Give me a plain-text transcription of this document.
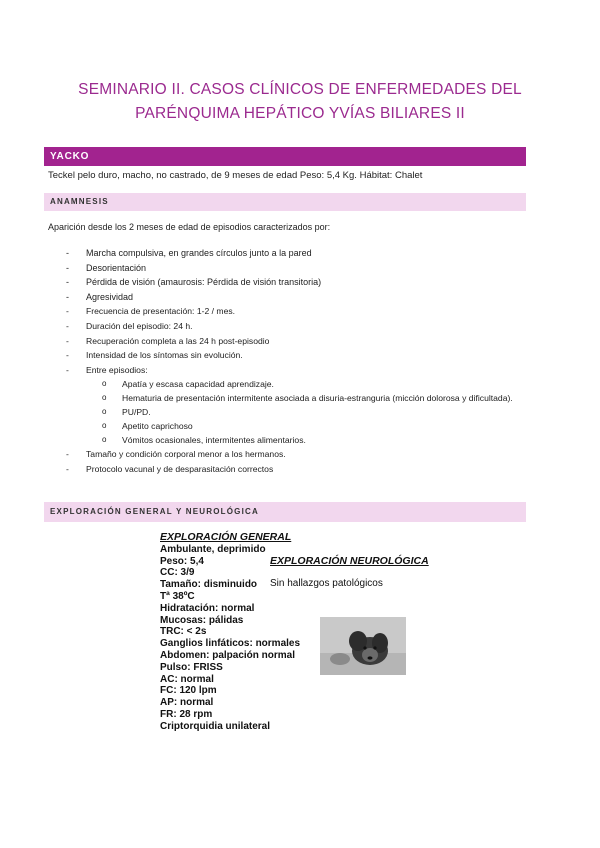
SEMINARIO II. CASOS CLÍNICOS DE ENFERMEDADES DEL
PARÉNQUIMA HEPÁTICO YVÍAS BILIARES II
YACKO
Teckel pelo duro, macho, no castrado, de 9 meses de edad Peso: 5,4 Kg. Hábitat: Chalet
ANAMNESIS
Aparición desde los 2 meses de edad de episodios caracterizados por:
- Marcha compulsiva, en grandes círculos junto a la pared
- Desorientación
- Pérdida de visión (amaurosis: Pérdida de visión transitoria)
- Agresividad
- Frecuencia de presentación: 1-2 / mes.
- Duración del episodio: 24 h.
- Recuperación completa a las 24 h post-episodio
- Intensidad de los síntomas sin evolución.
- Entre episodios:
o Apatía y escasa capacidad aprendizaje.
o Hematuria de presentación intermitente asociada a disuria-estranguria (micción dolorosa y dificultada).
o PU/PD.
o Apetito caprichoso
o Vómitos ocasionales, intermitentes alimentarios.
- Tamaño y condición corporal menor a los hermanos.
- Protocolo vacunal y de desparasitación correctos
EXPLORACIÓN GENERAL Y NEUROLÓGICA
EXPLORACIÓN GENERAL
Ambulante, deprimido
Peso: 5,4
CC: 3/9
Tamaño: disminuido
Tª 38ºC
Hidratación: normal
Mucosas: pálidas
TRC: < 2s
Ganglios linfáticos: normales
Abdomen: palpación normal
Pulso: FRISS
AC: normal
FC: 120 lpm
AP: normal
FR: 28 rpm
Criptorquidia unilateral
EXPLORACIÓN NEUROLÓGICA
Sin hallazgos patológicos
